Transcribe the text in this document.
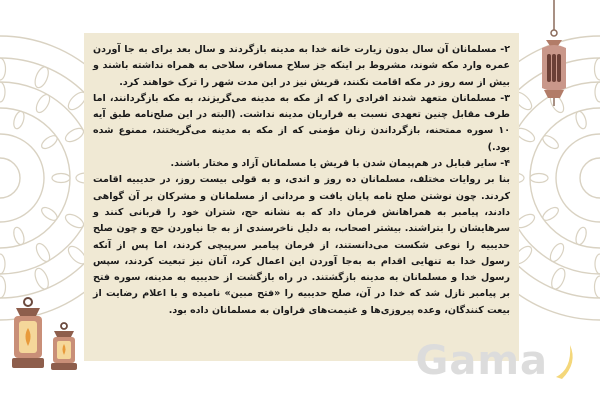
۲- مسلمانان آن سال بدون زیارت خانه خدا به مدینه بازگردند و سال بعد برای به جا آوردن عمره وارد مکه شوند، مشروط بر اینکه جز سلاح مسافر، سلاحی به همراه نداشته باشند و بیش از سه روز در مکه اقامت نکنند، قریش نیز در این مدت شهر را ترک خواهند کرد.

۳- مسلمانان متعهد شدند افرادی را که از مکه به مدینه می‌گریزند، به مکه بازگردانند، اما طرف مقابل چنین تعهدی نسبت به فراریان مدینه نداشت. (البته در این صلح‌نامه طبق آیه ۱۰ سوره ممتحنه، بازگرداندن زنان مؤمنی که از مکه به مدینه می‌گریختند، ممنوع شده بود.)

۴- سایر قبایل در هم‌پیمان شدن با قریش یا مسلمانان آزاد و مختار باشند.

بنا بر روایات مختلف، مسلمانان ده روز و اندی، و به قولی بیست روز، در حدیبیه اقامت کردند. چون نوشتن صلح نامه پایان یافت و مردانی از مسلمانان و مشرکان بر آن گواهی دادند، پیامبر به همراهانش فرمان داد که به نشانه حج، شتران خود را قربانی کنند و سرهایشان را بتراشند. بیشتر اصحاب، به دلیل ناخرسندی از به جا نیاوردن حج و چون صلح حدیبیه را نوعی شکست می‌دانستند، از فرمان پیامبر سرپیچی کردند، اما پس از آنکه رسول خدا به تنهایی اقدام به به‌جا آوردن این اعمال کرد، آنان نیز تبعیت کردند، سپس رسول خدا و مسلمانان به مدینه بازگشتند. در راه بازگشت از حدیبیه به مدینه، سوره فتح بر پیامبر نازل شد که خدا در آن، صلح حدیبیه را «فتح مبین» نامیده و با اعلام رضایت از بیعت کنندگان، وعده پیروزی‌ها و غنیمت‌های فراوان به مسلمانان داده بود.

Gama
